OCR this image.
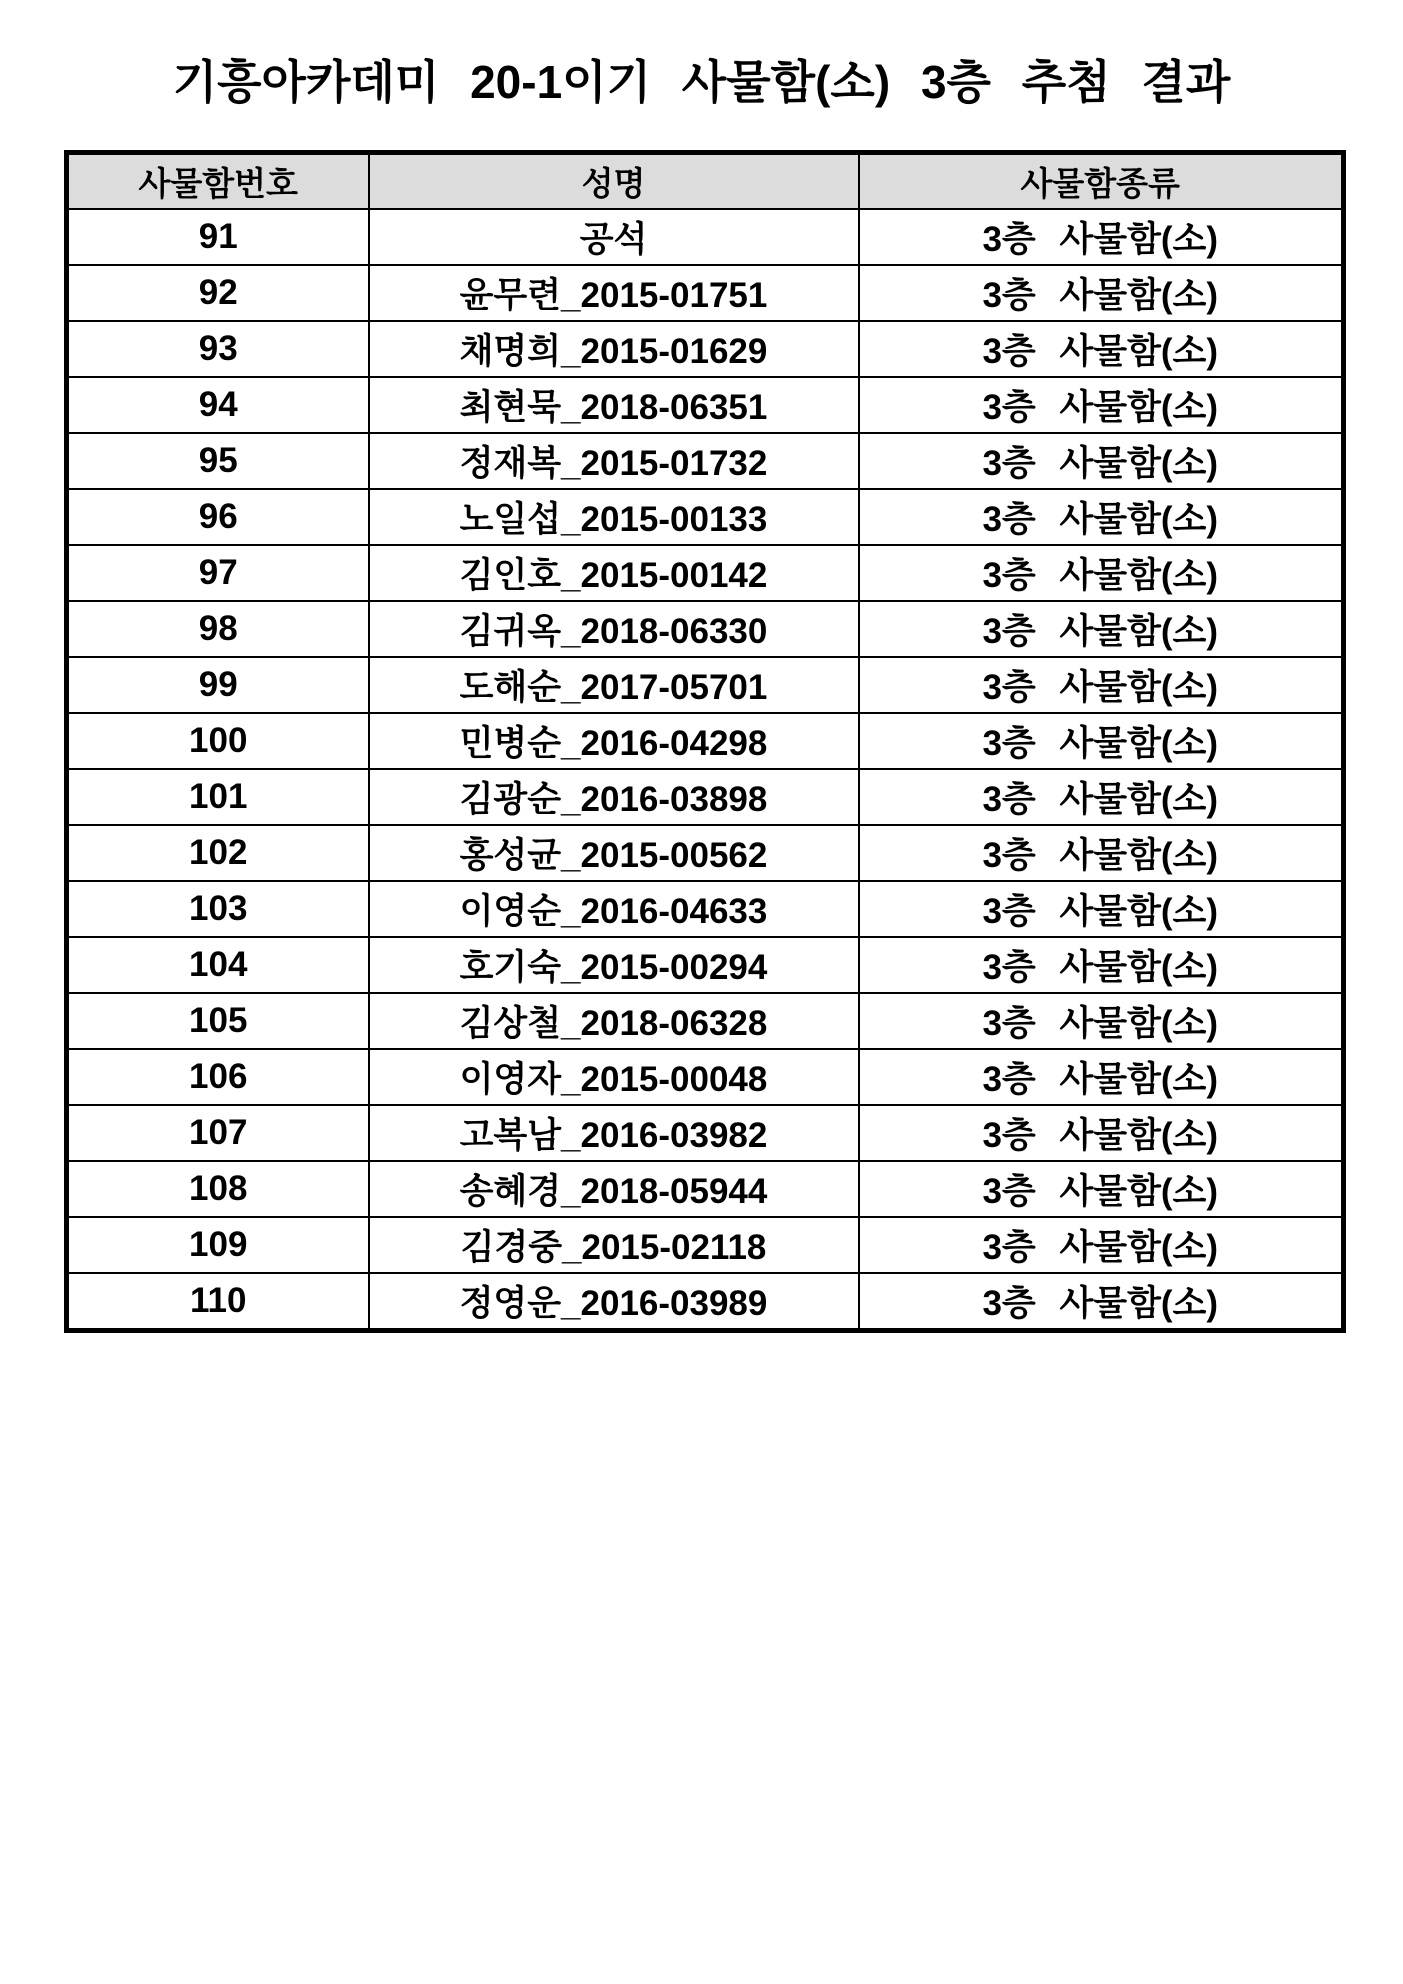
기흥아카데미 20-1이기 사물함(소) 3층 추첨 결과
사물함번호	성명	사물함종류
91	공석	3층 사물함(소)
92	윤무련_2015-01751	3층 사물함(소)
93	채명희_2015-01629	3층 사물함(소)
94	최현묵_2018-06351	3층 사물함(소)
95	정재복_2015-01732	3층 사물함(소)
96	노일섭_2015-00133	3층 사물함(소)
97	김인호_2015-00142	3층 사물함(소)
98	김귀옥_2018-06330	3층 사물함(소)
99	도해순_2017-05701	3층 사물함(소)
100	민병순_2016-04298	3층 사물함(소)
101	김광순_2016-03898	3층 사물함(소)
102	홍성균_2015-00562	3층 사물함(소)
103	이영순_2016-04633	3층 사물함(소)
104	호기숙_2015-00294	3층 사물함(소)
105	김상철_2018-06328	3층 사물함(소)
106	이영자_2015-00048	3층 사물함(소)
107	고복남_2016-03982	3층 사물함(소)
108	송혜경_2018-05944	3층 사물함(소)
109	김경중_2015-02118	3층 사물함(소)
110	정영운_2016-03989	3층 사물함(소)
